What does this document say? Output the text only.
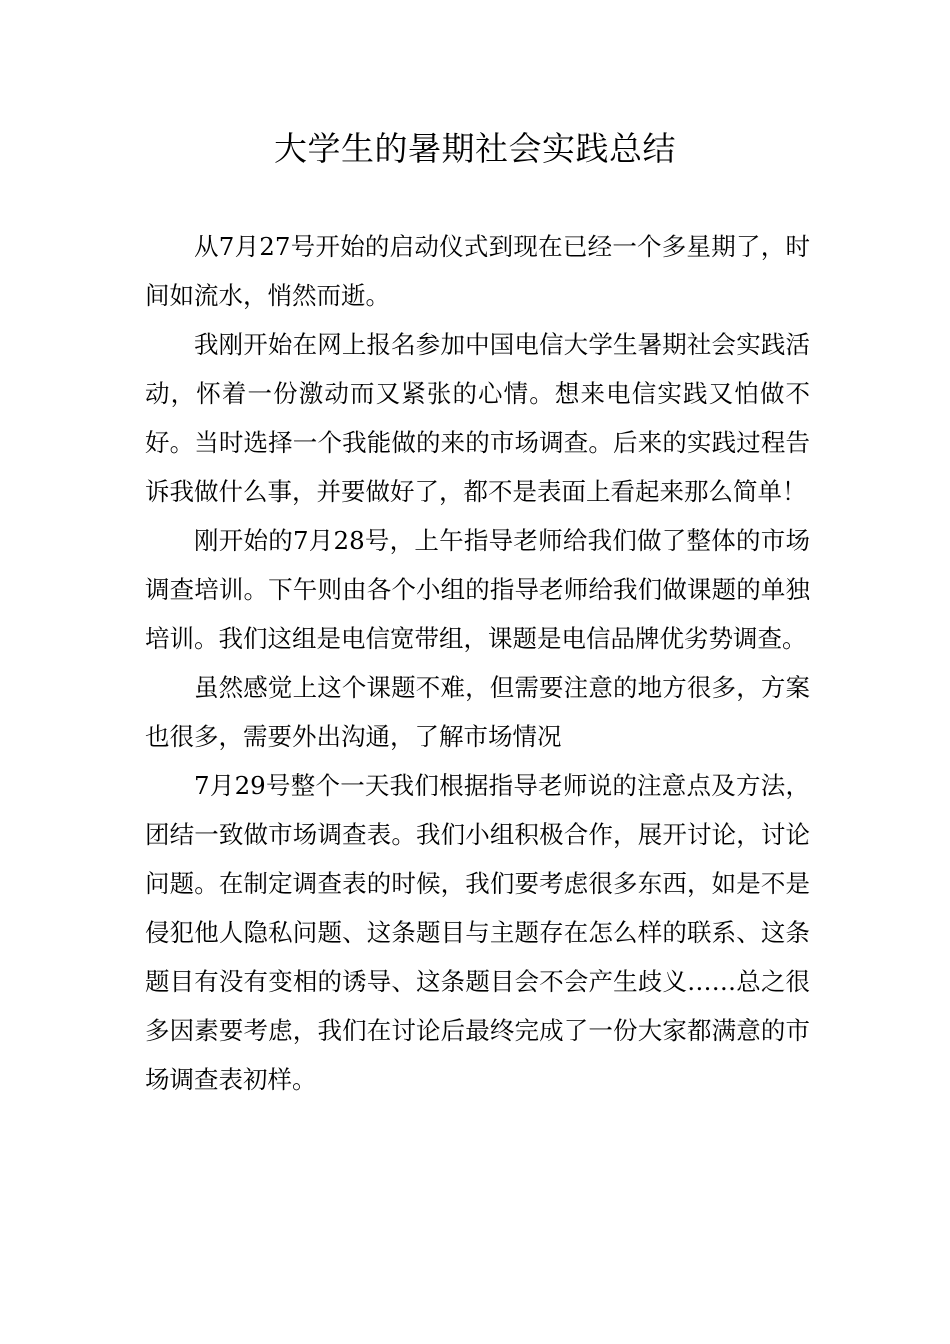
大学生的暑期社会实践总结

从7月27号开始的启动仪式到现在已经一个多星期了，时间如流水，悄然而逝。

我刚开始在网上报名参加中国电信大学生暑期社会实践活动，怀着一份激动而又紧张的心情。想来电信实践又怕做不好。当时选择一个我能做的来的市场调查。后来的实践过程告诉我做什么事，并要做好了，都不是表面上看起来那么简单！

刚开始的7月28号，上午指导老师给我们做了整体的市场调查培训。下午则由各个小组的指导老师给我们做课题的单独培训。我们这组是电信宽带组，课题是电信品牌优劣势调查。

虽然感觉上这个课题不难，但需要注意的地方很多，方案也很多，需要外出沟通，了解市场情况

7月29号整个一天我们根据指导老师说的注意点及方法，团结一致做市场调查表。我们小组积极合作，展开讨论，讨论问题。在制定调查表的时候，我们要考虑很多东西，如是不是侵犯他人隐私问题、这条题目与主题存在怎么样的联系、这条题目有没有变相的诱导、这条题目会不会产生歧义……总之很多因素要考虑，我们在讨论后最终完成了一份大家都满意的市场调查表初样。
